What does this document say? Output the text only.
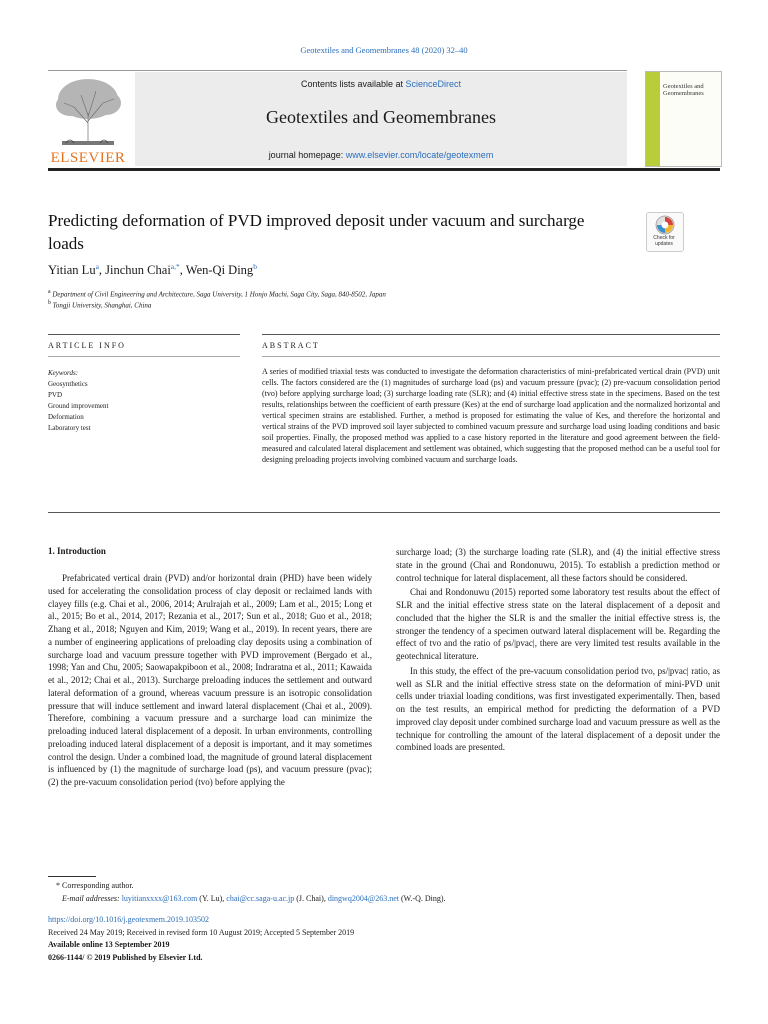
Geotextiles and Geomembranes 48 (2020) 32–40
ELSEVIER
Contents lists available at ScienceDirect
Geotextiles and Geomembranes
journal homepage: www.elsevier.com/locate/geotexmem
Geotextiles and Geomembranes
Predicting deformation of PVD improved deposit under vacuum and surcharge loads	Check for updates
Yitian Lu$^a$, Jinchun Chai$^{a,*}$, Wen-Qi Ding$^b$
$^a$ Department of Civil Engineering and Architecture, Saga University, 1 Honjo Machi, Saga City, Saga, 840-8502, Japan
$^b$ Tongji University, Shanghai, China
ARTICLE INFO	ABSTRACT
Keywords:
Geosynthetics
PVD
Ground improvement
Deformation
Laboratory test
A series of modified triaxial tests was conducted to investigate the deformation characteristics of mini-prefabricated vertical drain (PVD) unit cells. The factors considered are the (1) magnitudes of surcharge load (ps) and vacuum pressure (pvac); (2) pre-vacuum consolidation period (tvo) before applying surcharge load; (3) surcharge loading rate (SLR); and (4) initial effective stress state in the specimens. Based on the test results, relationships between the coefficient of earth pressure (Kes) at the end of surcharge load application and the normalized horizontal and vertical specimen strains are established. Further, a method is proposed for estimating the value of Kes, and therefore the horizontal and vertical strains of the PVD improved soil layer subjected to combined vacuum pressure and surcharge load using loading conditions and basic soil properties. Finally, the proposed method was applied to a case history reported in the literature and good agreement between the field-measured and calculated lateral displacement and settlement was obtained, which suggesting that the proposed method can be a useful tool for designing preloading projects involving combined vacuum and surcharge loads.
1. Introduction

Prefabricated vertical drain (PVD) and/or horizontal drain (PHD) have been widely used for accelerating the consolidation process of clay deposit or reclaimed lands with clayey fills (e.g. Chai et al., 2006, 2014; Arulrajah et al., 2009; Lam et al., 2015; Long et al., 2015; Bo et al., 2014, 2017; Rezania et al., 2017; Sun et al., 2018; Guo et al., 2018; Zhang et al., 2018; Nguyen and Kim, 2019; Wang et al., 2019). In recent years, there are a number of engineering applications of preloading clay deposits using a combination of surcharge load and vacuum pressure together with PVD improvement (Bergado et al., 1998; Yan and Chu, 2005; Saowapakpiboon et al., 2008; Indraratna et al., 2011; Kawaida et al., 2012; Chai et al., 2013). Surcharge preloading induces the settlement and outward lateral deformation of a ground, whereas vacuum pressure is an isotropic consolidation pressure that will induce settlement and inward lateral displacement (Chai et al., 2009). Therefore, combining a vacuum pressure and a surcharge load can minimize the preloading induced lateral displacement of a deposit. In urban environments, controlling preloading induced lateral displacement of a deposit is important, and it may sometimes control the design. Under a combined load, the magnitude of ground lateral displacement is influenced by (1) the magnitude of surcharge load (ps), and vacuum pressure (pvac); (2) the pre-vacuum consolidation period (tvo) before applying the

surcharge load; (3) the surcharge loading rate (SLR), and (4) the initial effective stress state in the ground (Chai and Rondonuwu, 2015). To establish a prediction method or control technique for lateral displacement, all these factors should be considered.

Chai and Rondonuwu (2015) reported some laboratory test results about the effect of SLR and the initial effective stress state on the lateral displacement of a deposit and concluded that the higher the SLR is and the smaller the initial effective stress is, the stronger the tendency of a specimen outward lateral displacement will be. Regarding the effect of tvo and the ratio of ps/|pvac|, there are very limited test results available in the geotechnical literature.

In this study, the effect of the pre-vacuum consolidation period tvo, ps/|pvac| ratio, as well as SLR and the initial effective stress state on the deformation of mini-PVD unit cells under triaxial loading conditions, was first investigated experimentally. Then, based on the test results, an empirical method for predicting the deformation of a PVD improved clay deposit under combined surcharge load and vacuum pressure as well as the technique for controlling the amount of the lateral displacement of a deposit under the combined loads are presented.

* Corresponding author.
E-mail addresses: luyitianxxxx@163.com (Y. Lu), chai@cc.saga-u.ac.jp (J. Chai), dingwq2004@263.net (W.-Q. Ding).
https://doi.org/10.1016/j.geotexmem.2019.103502
Received 24 May 2019; Received in revised form 10 August 2019; Accepted 5 September 2019
Available online 13 September 2019
0266-1144/ © 2019 Published by Elsevier Ltd.
